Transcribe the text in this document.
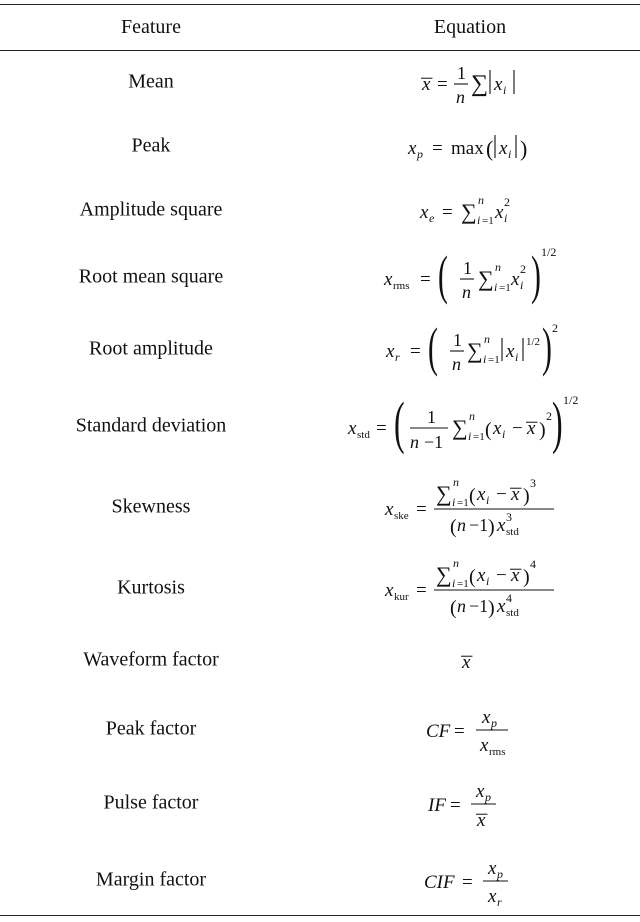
Feature	Equation
Mean
Peak
Amplitude square
Root mean square
Root amplitude
Standard deviation
Skewness
Kurtosis
Waveform factor
Peak factor
Pulse factor
Margin factor
x =
1
n ∑ x i
x p = max ( x i )
x e = ∑ n
i =1 x i
2
x rms = ( 1
n
∑ n
i =1 x i
2 ) 1/2
x r = ( 1
n
∑ n
i =1 x i
1/2 ) 2
x std = ( 1
n −1
∑ n
i =1 ( x i − x )
2 ) 1/2
x ske =
∑ n
i =1 ( x i − x )
3
( n −1 ) x std
3
x kur =
∑ n
i =1 ( x i − x )
4
( n −1 ) x std
4
x
CF =
x p
x rms
IF =
x p
x
CIF =
x p
x r
